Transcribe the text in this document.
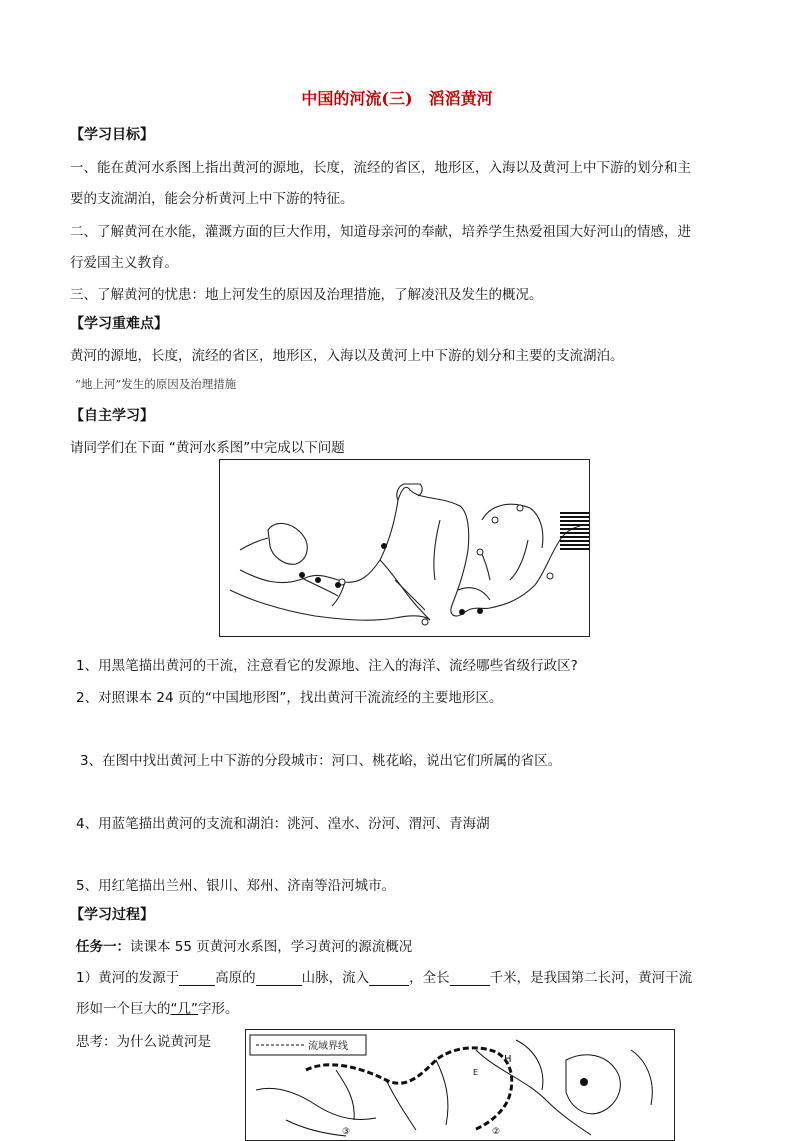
中国的河流(三)　滔滔黄河
【学习目标】
一、能在黄河水系图上指出黄河的源地，长度，流经的省区，地形区，入海以及黄河上中下游的划分和主
要的支流湖泊，能会分析黄河上中下游的特征。
二、了解黄河在水能，灌溉方面的巨大作用，知道母亲河的奉献，培养学生热爱祖国大好河山的情感，进
行爱国主义教育。
三、了解黄河的忧患：地上河发生的原因及治理措施，了解凌汛及发生的概况。
【学习重难点】
黄河的源地，长度，流经的省区，地形区，入海以及黄河上中下游的划分和主要的支流湖泊。
“地上河”发生的原因及治理措施
【自主学习】
请同学们在下面 “黄河水系图”中完成以下问题
1、用黑笔描出黄河的干流，注意看它的发源地、注入的海洋、流经哪些省级行政区?
2、对照课本 24 页的“中国地形图”，找出黄河干流流经的主要地形区。
3、在图中找出黄河上中下游的分段城市：河口、桃花峪，说出它们所属的省区。
4、用蓝笔描出黄河的支流和湖泊：洮河、湟水、汾河、渭河、青海湖
5、用红笔描出兰州、银川、郑州、济南等沿河城市。
【学习过程】
任务一：读课本 55 页黄河水系图，学习黄河的源流概况
1）黄河的发源于	高原的	山脉，流入	，全长	千米，是我国第二长河，黄河干流
形如一个巨大的“几”字形。
思考：为什么说黄河是	流域界线
E
H
③	②
